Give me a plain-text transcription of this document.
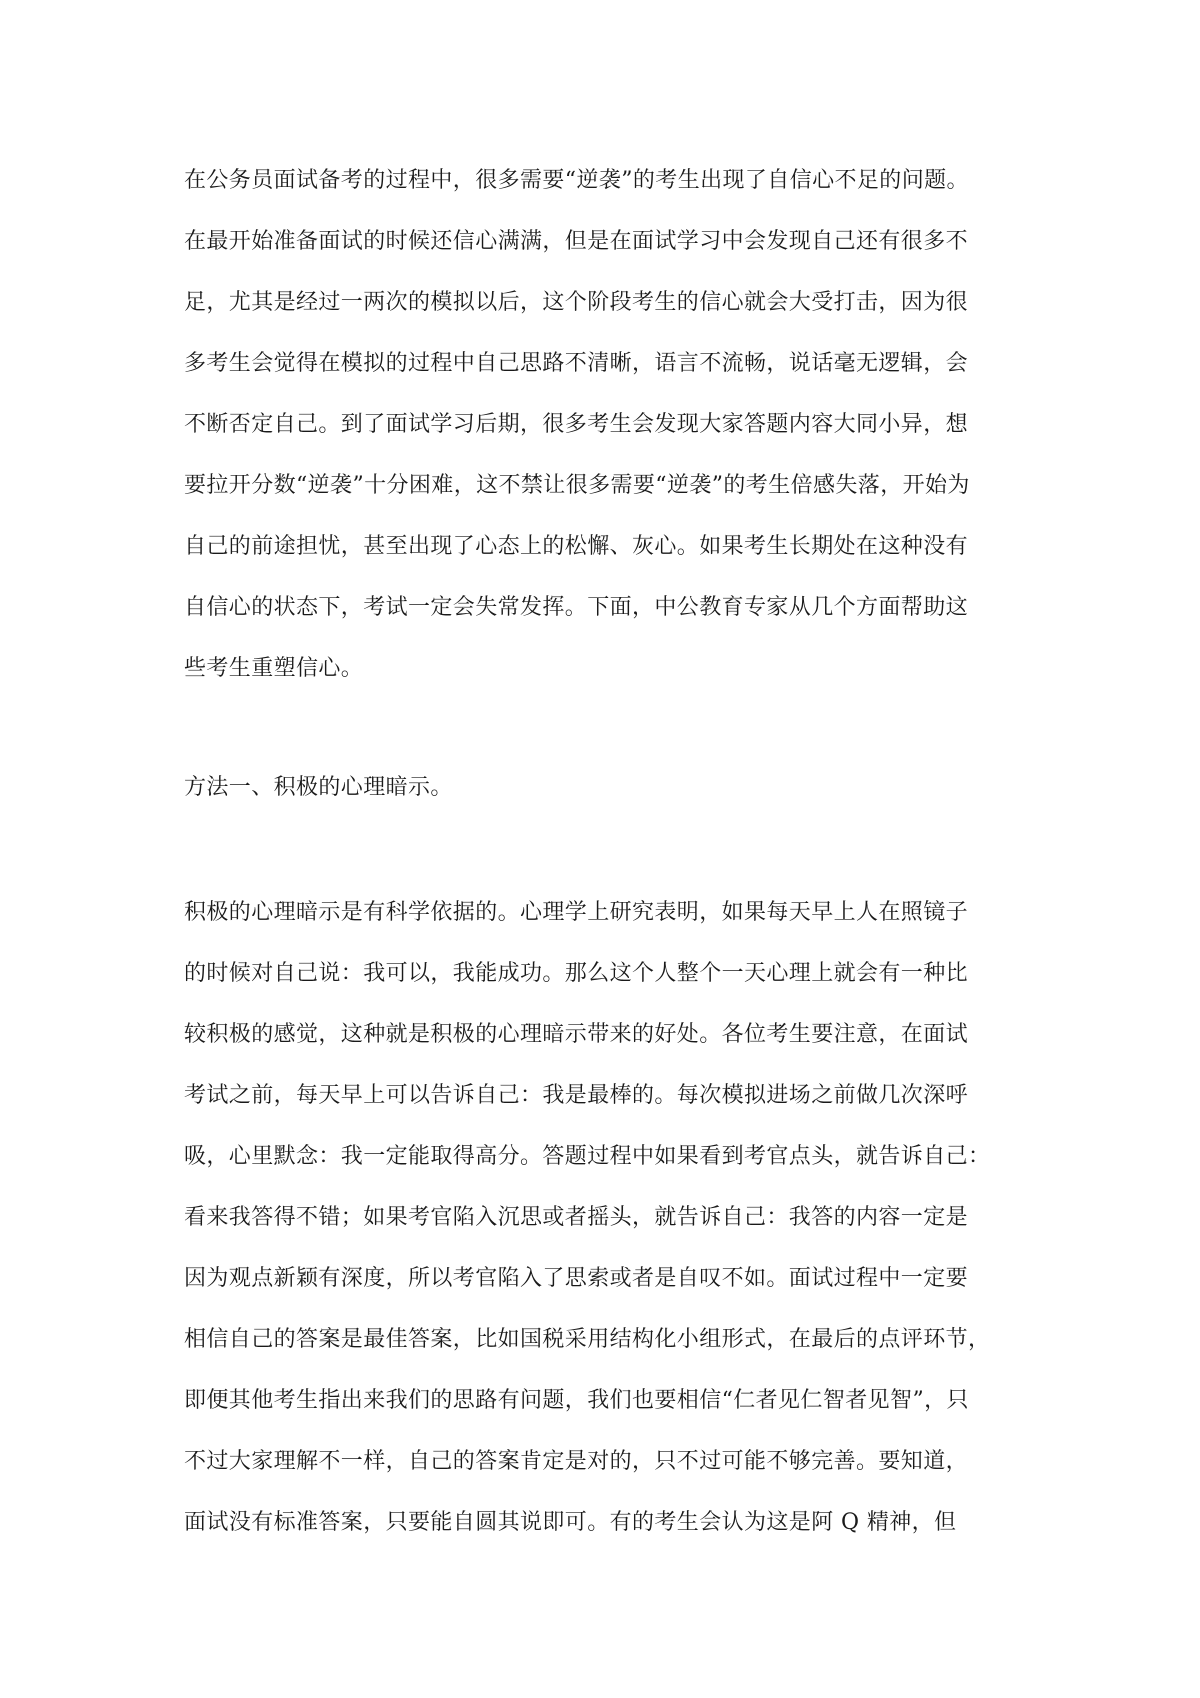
在公务员面试备考的过程中，很多需要“逆袭”的考生出现了自信心不足的问题。
在最开始准备面试的时候还信心满满，但是在面试学习中会发现自己还有很多不
足，尤其是经过一两次的模拟以后，这个阶段考生的信心就会大受打击，因为很
多考生会觉得在模拟的过程中自己思路不清晰，语言不流畅，说话毫无逻辑，会
不断否定自己。到了面试学习后期，很多考生会发现大家答题内容大同小异，想
要拉开分数“逆袭”十分困难，这不禁让很多需要“逆袭”的考生倍感失落，开始为
自己的前途担忧，甚至出现了心态上的松懈、灰心。如果考生长期处在这种没有
自信心的状态下，考试一定会失常发挥。下面，中公教育专家从几个方面帮助这
些考生重塑信心。
方法一、积极的心理暗示。
积极的心理暗示是有科学依据的。心理学上研究表明，如果每天早上人在照镜子
的时候对自己说：我可以，我能成功。那么这个人整个一天心理上就会有一种比
较积极的感觉，这种就是积极的心理暗示带来的好处。各位考生要注意，在面试
考试之前，每天早上可以告诉自己：我是最棒的。每次模拟进场之前做几次深呼
吸，心里默念：我一定能取得高分。答题过程中如果看到考官点头，就告诉自己：
看来我答得不错；如果考官陷入沉思或者摇头，就告诉自己：我答的内容一定是
因为观点新颖有深度，所以考官陷入了思索或者是自叹不如。面试过程中一定要
相信自己的答案是最佳答案，比如国税采用结构化小组形式，在最后的点评环节，
即便其他考生指出来我们的思路有问题，我们也要相信“仁者见仁智者见智”，只
不过大家理解不一样，自己的答案肯定是对的，只不过可能不够完善。要知道，
面试没有标准答案，只要能自圆其说即可。有的考生会认为这是阿 Q 精神，但
